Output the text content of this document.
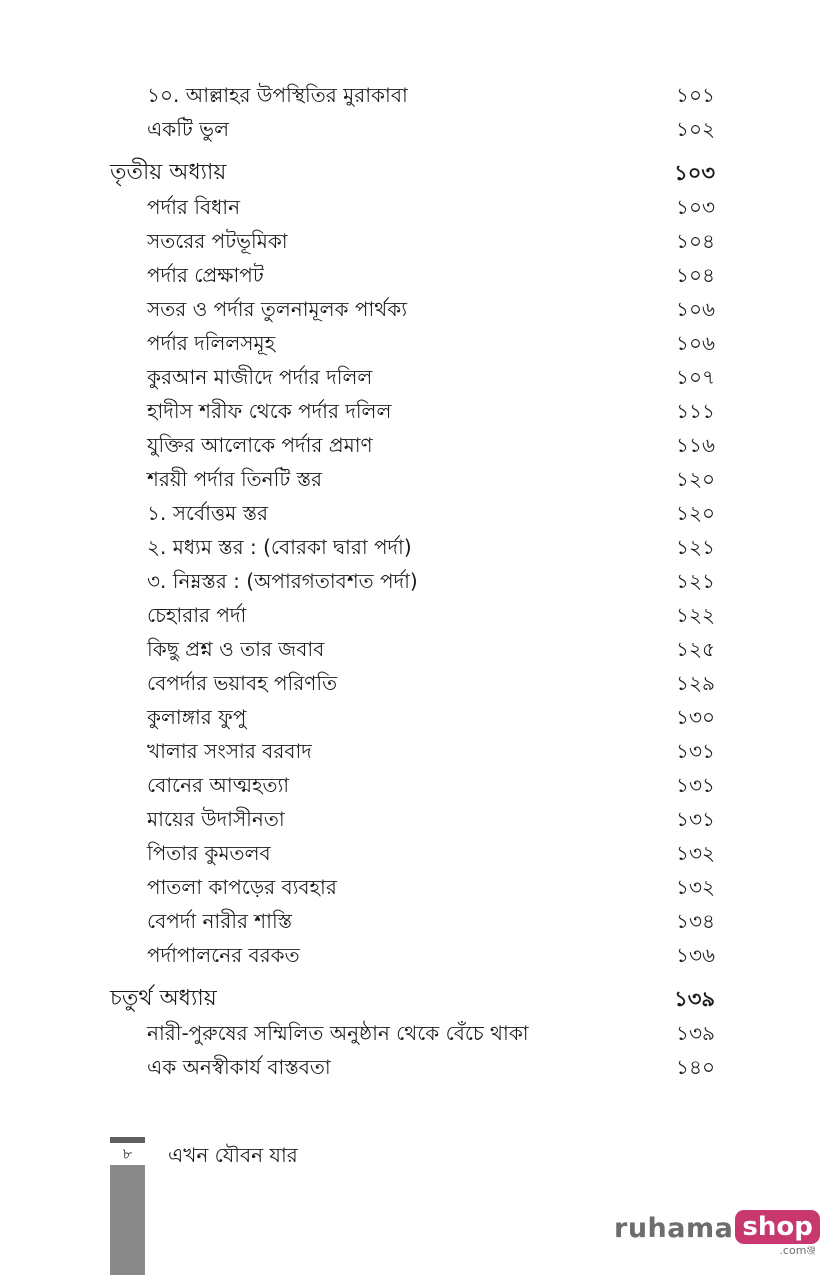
১০. আল্লাহর উপস্থিতির মুরাকাবা	১০১
একটি ভুল	১০২
তৃতীয় অধ্যায়	১০৩
পর্দার বিধান	১০৩
সতরের পটভূমিকা	১০৪
পর্দার প্রেক্ষাপট	১০৪
সতর ও পর্দার তুলনামূলক পার্থক্য	১০৬
পর্দার দলিলসমূহ	১০৬
কুরআন মাজীদে পর্দার দলিল	১০৭
হাদীস শরীফ থেকে পর্দার দলিল	১১১
যুক্তির আলোকে পর্দার প্রমাণ	১১৬
শরয়ী পর্দার তিনটি স্তর	১২০
১. সর্বোত্তম স্তর	১২০
২. মধ্যম স্তর : (বোরকা দ্বারা পর্দা)	১২১
৩. নিম্নস্তর : (অপারগতাবশত পর্দা)	১২১
চেহারার পর্দা	১২২
কিছু প্রশ্ন ও তার জবাব	১২৫
বেপর্দার ভয়াবহ পরিণতি	১২৯
কুলাঙ্গার ফুপু	১৩০
খালার সংসার বরবাদ	১৩১
বোনের আত্মহত্যা	১৩১
মায়ের উদাসীনতা	১৩১
পিতার কুমতলব	১৩২
পাতলা কাপড়ের ব্যবহার	১৩২
বেপর্দা নারীর শাস্তি	১৩৪
পর্দাপালনের বরকত	১৩৬
চতুর্থ অধ্যায়	১৩৯
নারী-পুরুষের সম্মিলিত অনুষ্ঠান থেকে বেঁচে থাকা	১৩৯
এক অনস্বীকার্য বাস্তবতা	১৪০
৮	এখন যৌবন যার
ruhama shop
.comঞ্জ
